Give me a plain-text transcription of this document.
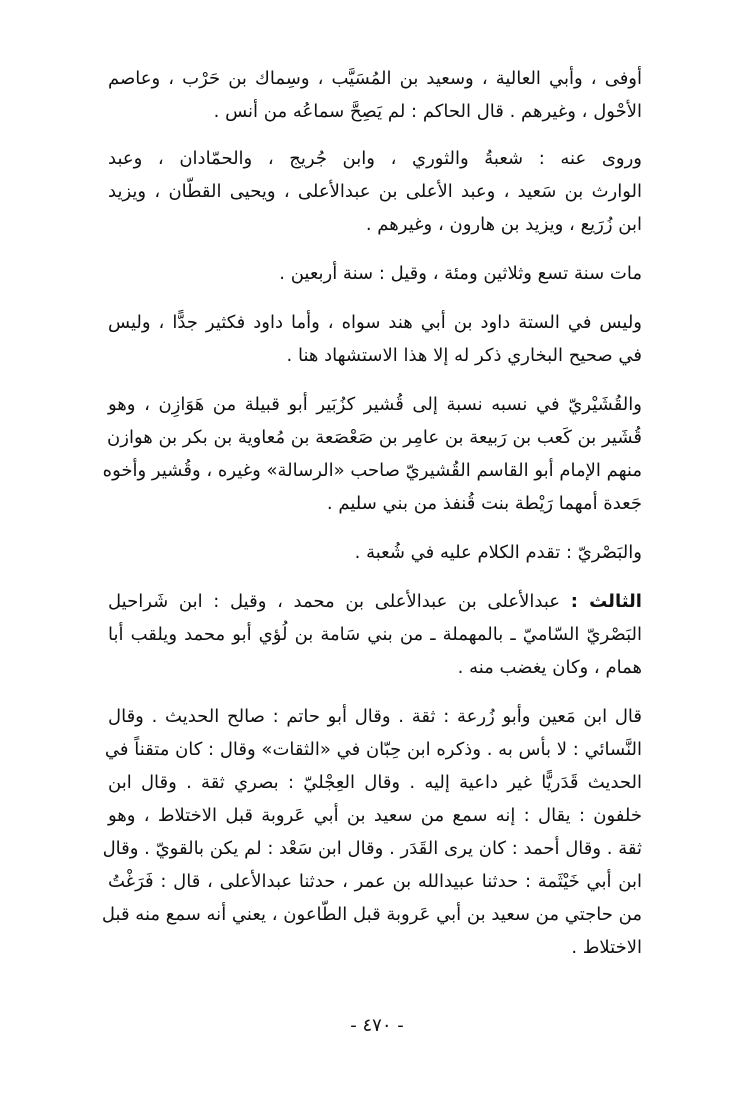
أوفى ، وأبي العالية ، وسعيد بن المُسَيَّب ، وسِماك بن حَرْب ، وعاصم
الأحْول ، وغيرهم . قال الحاكم : لم يَصِحَّ سماعُه من أنس .

وروى عنه : شعبةُ والثوري ، وابن جُريج ، والحمّادان ، وعبد
الوارث بن سَعيد ، وعبد الأعلى بن عبدالأعلى ، ويحيى القطّان ، ويزيد
ابن زُرَيع ، ويزيد بن هارون ، وغيرهم .

مات سنة تسع وثلاثين ومئة ، وقيل : سنة أربعين .

وليس في الستة داود بن أبي هند سواه ، وأما داود فكثير جدًّا ، وليس
في صحيح البخاري ذكر له إلا هذا الاستشهاد هنا .

والقُشَيْريّ في نسبه نسبة إلى قُشير كزُبَير أبو قبيلة من هَوَازِن ، وهو
قُشَير بن كَعب بن رَبيعة بن عامِر بن صَعْصَعة بن مُعاوية بن بكر بن هوازن
منهم الإمام أبو القاسم القُشيريّ صاحب «الرسالة» وغيره ، وقُشير وأخوه
جَعدة أمهما رَيْطة بنت قُنفذ من بني سليم .

والبَصْريّ : تقدم الكلام عليه في شُعبة .

الثالث : عبدالأعلى بن عبدالأعلى بن محمد ، وقيل : ابن شَراحيل
البَصْريّ السّاميّ ـ بالمهملة ـ من بني سَامة بن لُؤي أبو محمد ويلقب أبا
همام ، وكان يغضب منه .

قال ابن مَعين وأبو زُرعة : ثقة . وقال أبو حاتم : صالح الحديث . وقال
النَّسائي : لا بأس به . وذكره ابن حِبّان في «الثقات» وقال : كان متقناً في
الحديث قَدَريًّا غير داعية إليه . وقال العِجْليّ : بصري ثقة . وقال ابن
خلفون : يقال : إنه سمع من سعيد بن أبي عَروبة قبل الاختلاط ، وهو
ثقة . وقال أحمد : كان يرى القَدَر . وقال ابن سَعْد : لم يكن بالقويّ . وقال
ابن أبي خَيْثَمة : حدثنا عبيدالله بن عمر ، حدثنا عبدالأعلى ، قال : فَرَغْتُ
من حاجتي من سعيد بن أبي عَروبة قبل الطّاعون ، يعني أنه سمع منه قبل
الاختلاط .

- ٤٧٠ -
